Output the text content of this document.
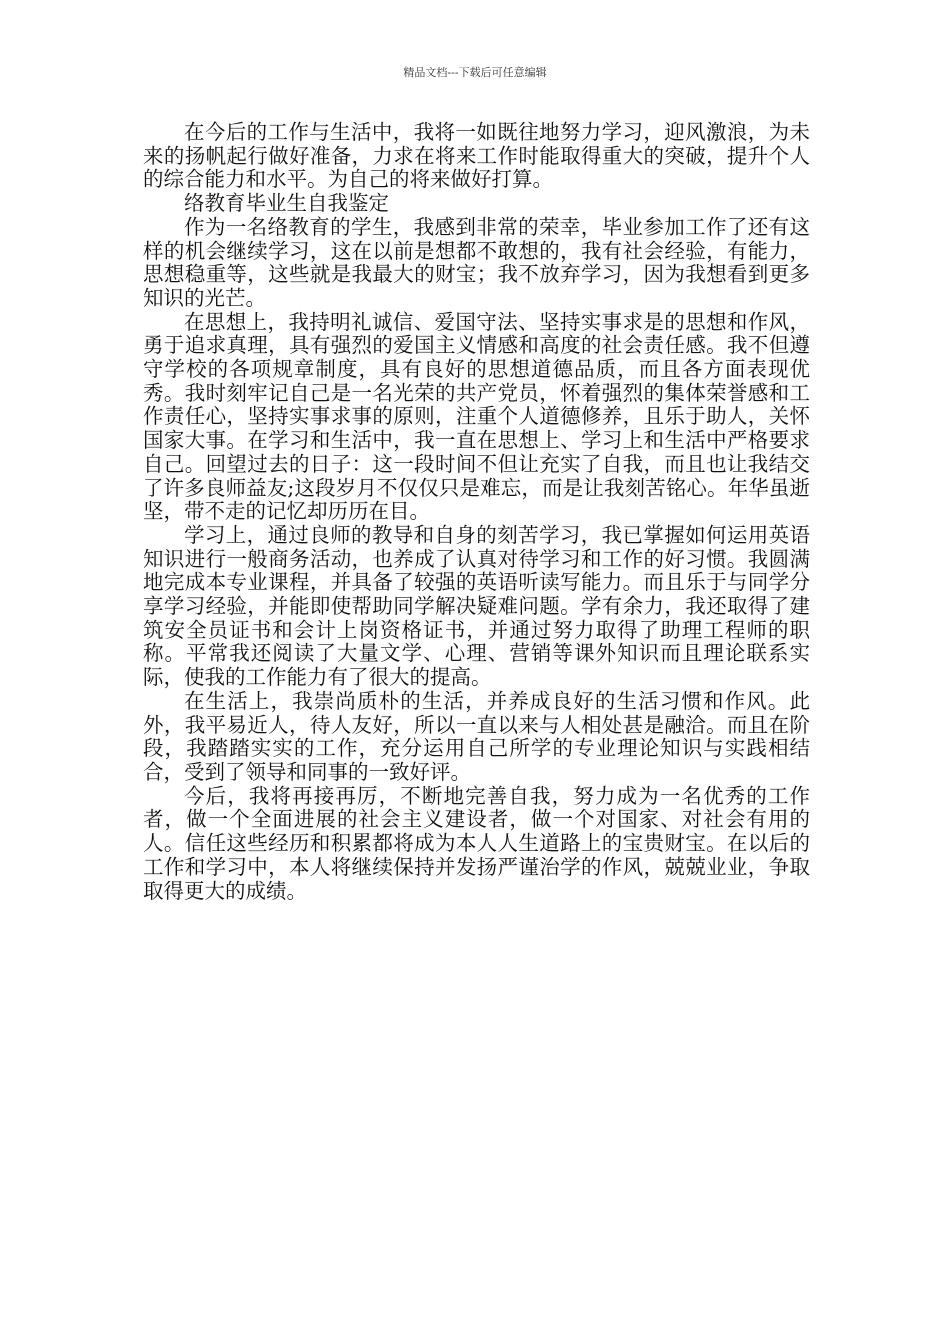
精品文档---下载后可任意编辑

在今后的工作与生活中，我将一如既往地努力学习，迎风激浪，为未来的扬帆起行做好准备，力求在将来工作时能取得重大的突破，提升个人的综合能力和水平。为自己的将来做好打算。

络教育毕业生自我鉴定

作为一名络教育的学生，我感到非常的荣幸，毕业参加工作了还有这样的机会继续学习，这在以前是想都不敢想的，我有社会经验，有能力，思想稳重等，这些就是我最大的财宝；我不放弃学习，因为我想看到更多知识的光芒。

在思想上，我持明礼诚信、爱国守法、坚持实事求是的思想和作风，勇于追求真理，具有强烈的爱国主义情感和高度的社会责任感。我不但遵守学校的各项规章制度，具有良好的思想道德品质，而且各方面表现优秀。我时刻牢记自己是一名光荣的共产党员，怀着强烈的集体荣誉感和工作责任心，坚持实事求事的原则，注重个人道德修养，且乐于助人，关怀国家大事。在学习和生活中，我一直在思想上、学习上和生活中严格要求自己。回望过去的日子：这一段时间不但让充实了自我，而且也让我结交了许多良师益友;这段岁月不仅仅只是难忘，而是让我刻苦铭心。年华虽逝坚，带不走的记忆却历历在目。

学习上，通过良师的教导和自身的刻苦学习，我已掌握如何运用英语知识进行一般商务活动，也养成了认真对待学习和工作的好习惯。我圆满地完成本专业课程，并具备了较强的英语听读写能力。而且乐于与同学分享学习经验，并能即使帮助同学解决疑难问题。学有余力，我还取得了建筑安全员证书和会计上岗资格证书，并通过努力取得了助理工程师的职称。平常我还阅读了大量文学、心理、营销等课外知识而且理论联系实际，使我的工作能力有了很大的提高。

在生活上，我崇尚质朴的生活，并养成良好的生活习惯和作风。此外，我平易近人，待人友好，所以一直以来与人相处甚是融洽。而且在阶段，我踏踏实实的工作，充分运用自己所学的专业理论知识与实践相结合，受到了领导和同事的一致好评。

今后，我将再接再厉，不断地完善自我，努力成为一名优秀的工作者，做一个全面进展的社会主义建设者，做一个对国家、对社会有用的人。信任这些经历和积累都将成为本人人生道路上的宝贵财宝。在以后的工作和学习中，本人将继续保持并发扬严谨治学的作风，兢兢业业，争取取得更大的成绩。
